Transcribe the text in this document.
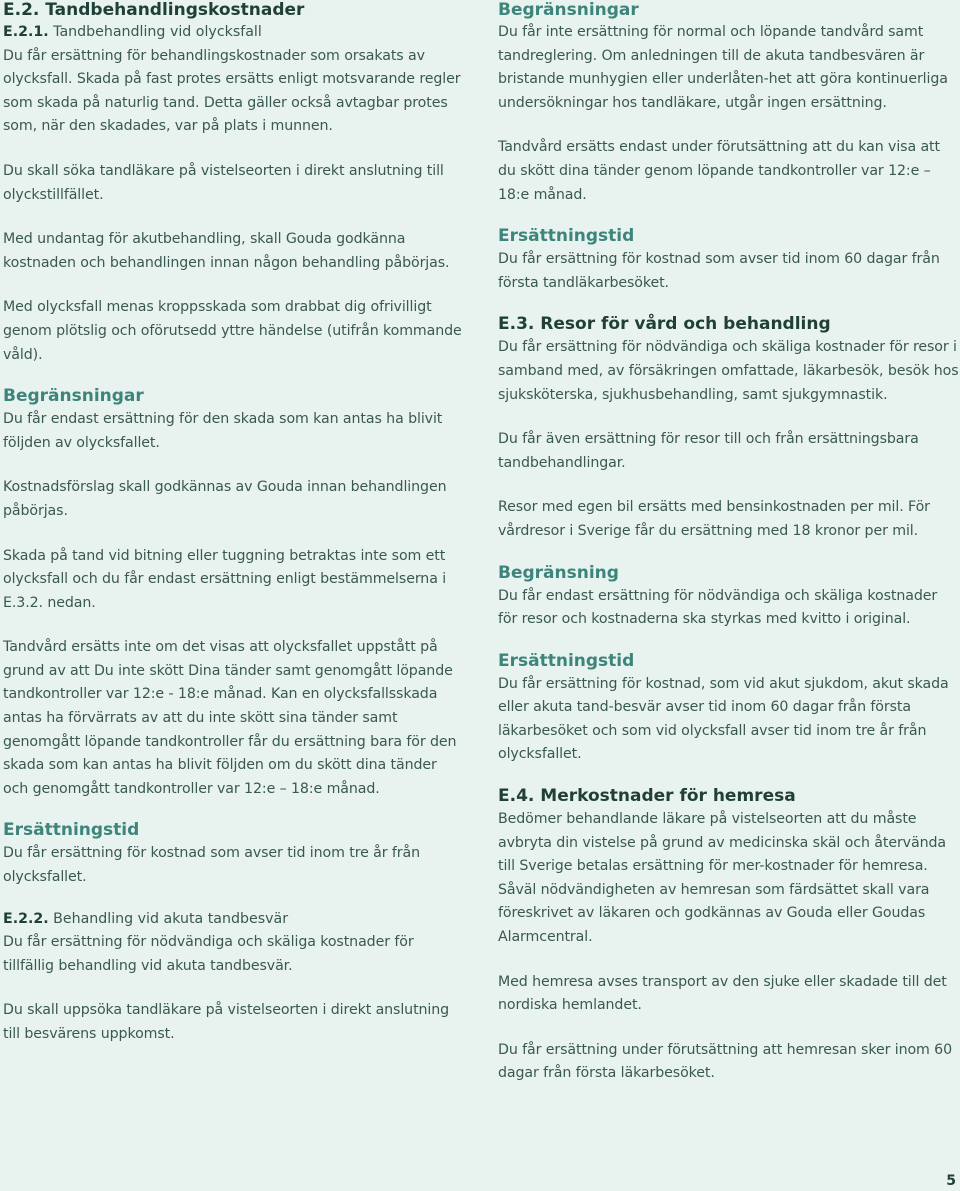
E.2. Tandbehandlingskostnader
E.2.1. Tandbehandling vid olycksfall
Du får ersättning för behandlingskostnader som orsakats av olycksfall. Skada på fast protes ersätts enligt motsvarande regler som skada på naturlig tand. Detta gäller också avtagbar protes som, när den skadades, var på plats i munnen.
Du skall söka tandläkare på vistelseorten i direkt anslutning till olyckstillfället.
Med undantag för akutbehandling, skall Gouda godkänna kostnaden och behandlingen innan någon behandling påbörjas.
Med olycksfall menas kroppsskada som drabbat dig ofrivilligt genom plötslig och oförutsedd yttre händelse (utifrån kommande våld).
Begränsningar
Du får endast ersättning för den skada som kan antas ha blivit följden av olycksfallet.
Kostnadsförslag skall godkännas av Gouda innan behandlingen påbörjas.
Skada på tand vid bitning eller tuggning betraktas inte som ett olycksfall och du får endast ersättning enligt bestämmelserna i E.3.2. nedan.
Tandvård ersätts inte om det visas att olycksfallet uppstått på grund av att Du inte skött Dina tänder samt genomgått löpande tandkontroller var 12:e - 18:e månad. Kan en olycksfallsskada antas ha förvärrats av att du inte skött sina tänder samt genomgått löpande tandkontroller får du ersättning bara för den skada som kan antas ha blivit följden om du skött dina tänder och genomgått tandkontroller var 12:e – 18:e månad.
Ersättningstid
Du får ersättning för kostnad som avser tid inom tre år från olycksfallet.
E.2.2. Behandling vid akuta tandbesvär
Du får ersättning för nödvändiga och skäliga kostnader för tillfällig behandling vid akuta tandbesvär.
Du skall uppsöka tandläkare på vistelseorten i direkt anslutning till besvärens uppkomst.
Begränsningar
Du får inte ersättning för normal och löpande tandvård samt tandreglering. Om anledningen till de akuta tandbesvären är bristande munhygien eller underlåten-het att göra kontinuerliga undersökningar hos tandläkare, utgår ingen ersättning.
Tandvård ersätts endast under förutsättning att du kan visa att du skött dina tänder genom löpande tandkontroller var 12:e – 18:e månad.
Ersättningstid
Du får ersättning för kostnad som avser tid inom 60 dagar från första tandläkarbesöket.
E.3. Resor för vård och behandling
Du får ersättning för nödvändiga och skäliga kostnader för resor i samband med, av försäkringen omfattade, läkarbesök, besök hos sjuksköterska, sjukhusbehandling, samt sjukgymnastik.
Du får även ersättning för resor till och från ersättningsbara tandbehandlingar.
Resor med egen bil ersätts med bensinkostnaden per mil. För vårdresor i Sverige får du ersättning med 18 kronor per mil.
Begränsning
Du får endast ersättning för nödvändiga och skäliga kostnader för resor och kostnaderna ska styrkas med kvitto i original.
Ersättningstid
Du får ersättning för kostnad, som vid akut sjukdom, akut skada eller akuta tand-besvär avser tid inom 60 dagar från första läkarbesöket och som vid olycksfall avser tid inom tre år från olycksfallet.
E.4. Merkostnader för hemresa
Bedömer behandlande läkare på vistelseorten att du måste avbryta din vistelse på grund av medicinska skäl och återvända till Sverige betalas ersättning för mer-kostnader för hemresa. Såväl nödvändigheten av hemresan som färdsättet skall vara föreskrivet av läkaren och godkännas av Gouda eller Goudas Alarmcentral.
Med hemresa avses transport av den sjuke eller skadade till det nordiska hemlandet.
Du får ersättning under förutsättning att hemresan sker inom 60 dagar från första läkarbesöket.
5
